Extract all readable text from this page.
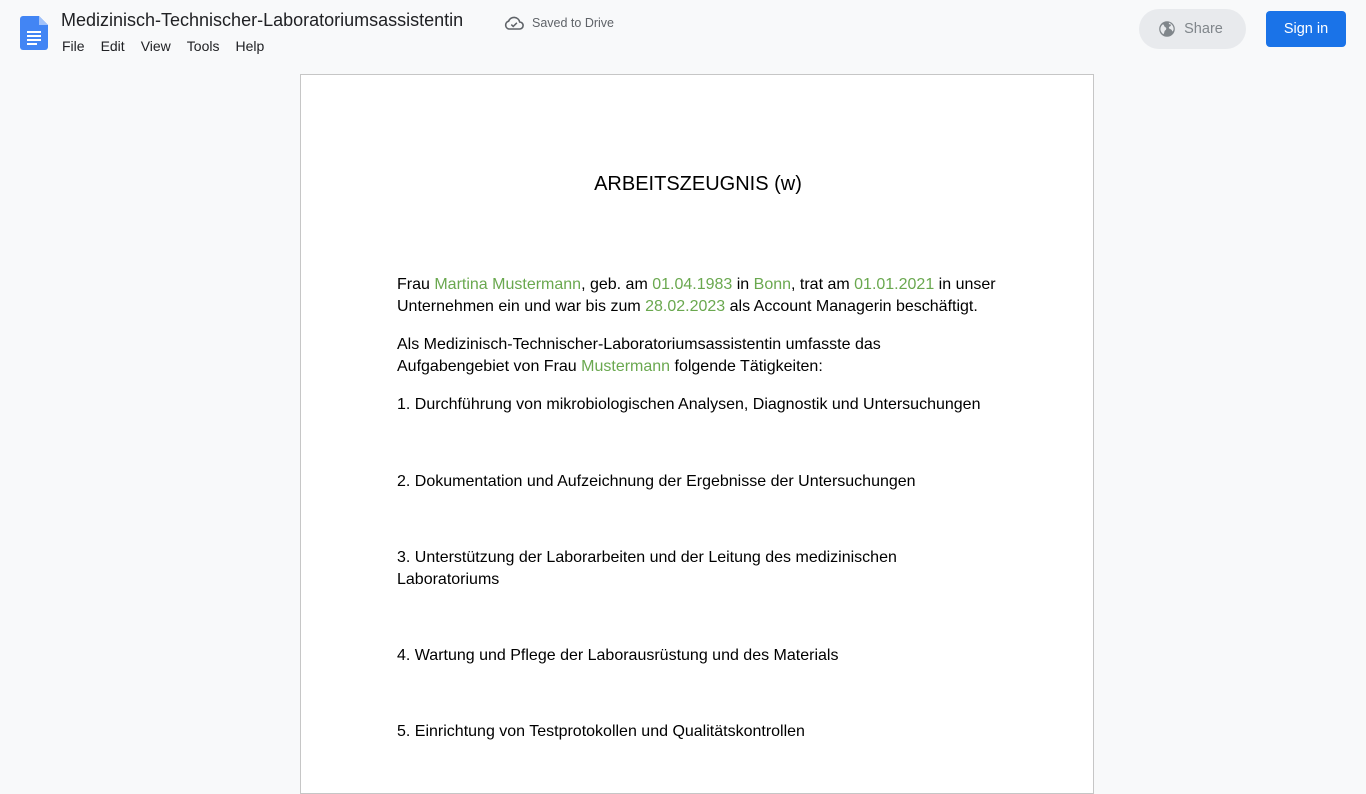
Medizinisch-Technischer-Laboratoriumsassistentin	Saved to Drive
File	Edit	View	Tools	Help
Share	Sign in
ARBEITSZEUGNIS (w)

Frau Martina Mustermann, geb. am 01.04.1983 in Bonn, trat am 01.01.2021 in unser Unternehmen ein und war bis zum 28.02.2023 als Account Managerin beschäftigt.

Als Medizinisch-Technischer-Laboratoriumsassistentin umfasste das Aufgabengebiet von Frau Mustermann folgende Tätigkeiten:

1. Durchführung von mikrobiologischen Analysen, Diagnostik und Untersuchungen

2. Dokumentation und Aufzeichnung der Ergebnisse der Untersuchungen

3. Unterstützung der Laborarbeiten und der Leitung des medizinischen Laboratoriums

4. Wartung und Pflege der Laborausrüstung und des Materials

5. Einrichtung von Testprotokollen und Qualitätskontrollen
